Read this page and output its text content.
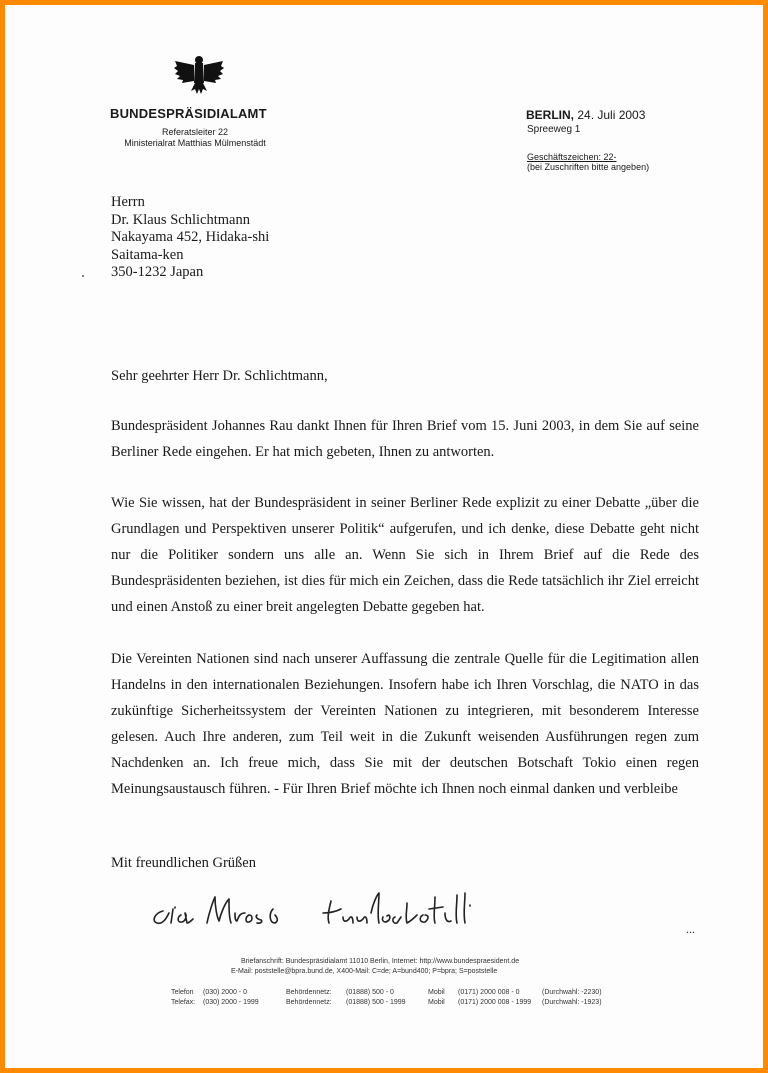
BUNDESPRÄSIDIALAMT
Referatsleiter 22
Ministerialrat Matthias Mülmenstädt
BERLIN, 24. Juli 2003
Spreeweg 1
Geschäftszeichen: 22-
(bei Zuschriften bitte angeben)
Herrn
Dr. Klaus Schlichtmann
Nakayama 452, Hidaka-shi
Saitama-ken
350-1232 Japan
Sehr geehrter Herr Dr. Schlichtmann,
Bundespräsident Johannes Rau dankt Ihnen für Ihren Brief vom 15. Juni 2003, in dem Sie auf seine Berliner Rede eingehen. Er hat mich gebeten, Ihnen zu antworten.
Wie Sie wissen, hat der Bundespräsident in seiner Berliner Rede explizit zu einer Debatte „über die Grundlagen und Perspektiven unserer Politik“ aufgerufen, und ich denke, diese Debatte geht nicht nur die Politiker sondern uns alle an. Wenn Sie sich in Ihrem Brief auf die Rede des Bundespräsidenten beziehen, ist dies für mich ein Zeichen, dass die Rede tatsächlich ihr Ziel erreicht und einen Anstoß zu einer breit angelegten Debatte gegeben hat.
Die Vereinten Nationen sind nach unserer Auffassung die zentrale Quelle für die Legitimation allen Handelns in den internationalen Beziehungen. Insofern habe ich Ihren Vorschlag, die NATO in das zukünftige Sicherheitssystem der Vereinten Nationen zu integrieren, mit besonderem Interesse gelesen. Auch Ihre anderen, zum Teil weit in die Zukunft weisenden Ausführungen regen zum Nachdenken an. Ich freue mich, dass Sie mit der deutschen Botschaft Tokio einen regen Meinungsaustausch führen. - Für Ihren Brief möchte ich Ihnen noch einmal danken und verbleibe
Mit freundlichen Grüßen
...
Briefanschrift: Bundespräsidialamt 11010 Berlin, Internet: http://www.bundespraesident.de
E-Mail: poststelle@bpra.bund.de, X400-Mail: C=de; A=bund400; P=bpra; S=poststelle
Telefon (030) 2000 - 0	Behördennetz: (01888) 500 - 0	Mobil (0171) 2000 008 - 0	(Durchwahl: -2230)
Telefax: (030) 2000 - 1999	Behördennetz: (01888) 500 - 1999	Mobil (0171) 2000 008 - 1999 (Durchwahl: -1923)
